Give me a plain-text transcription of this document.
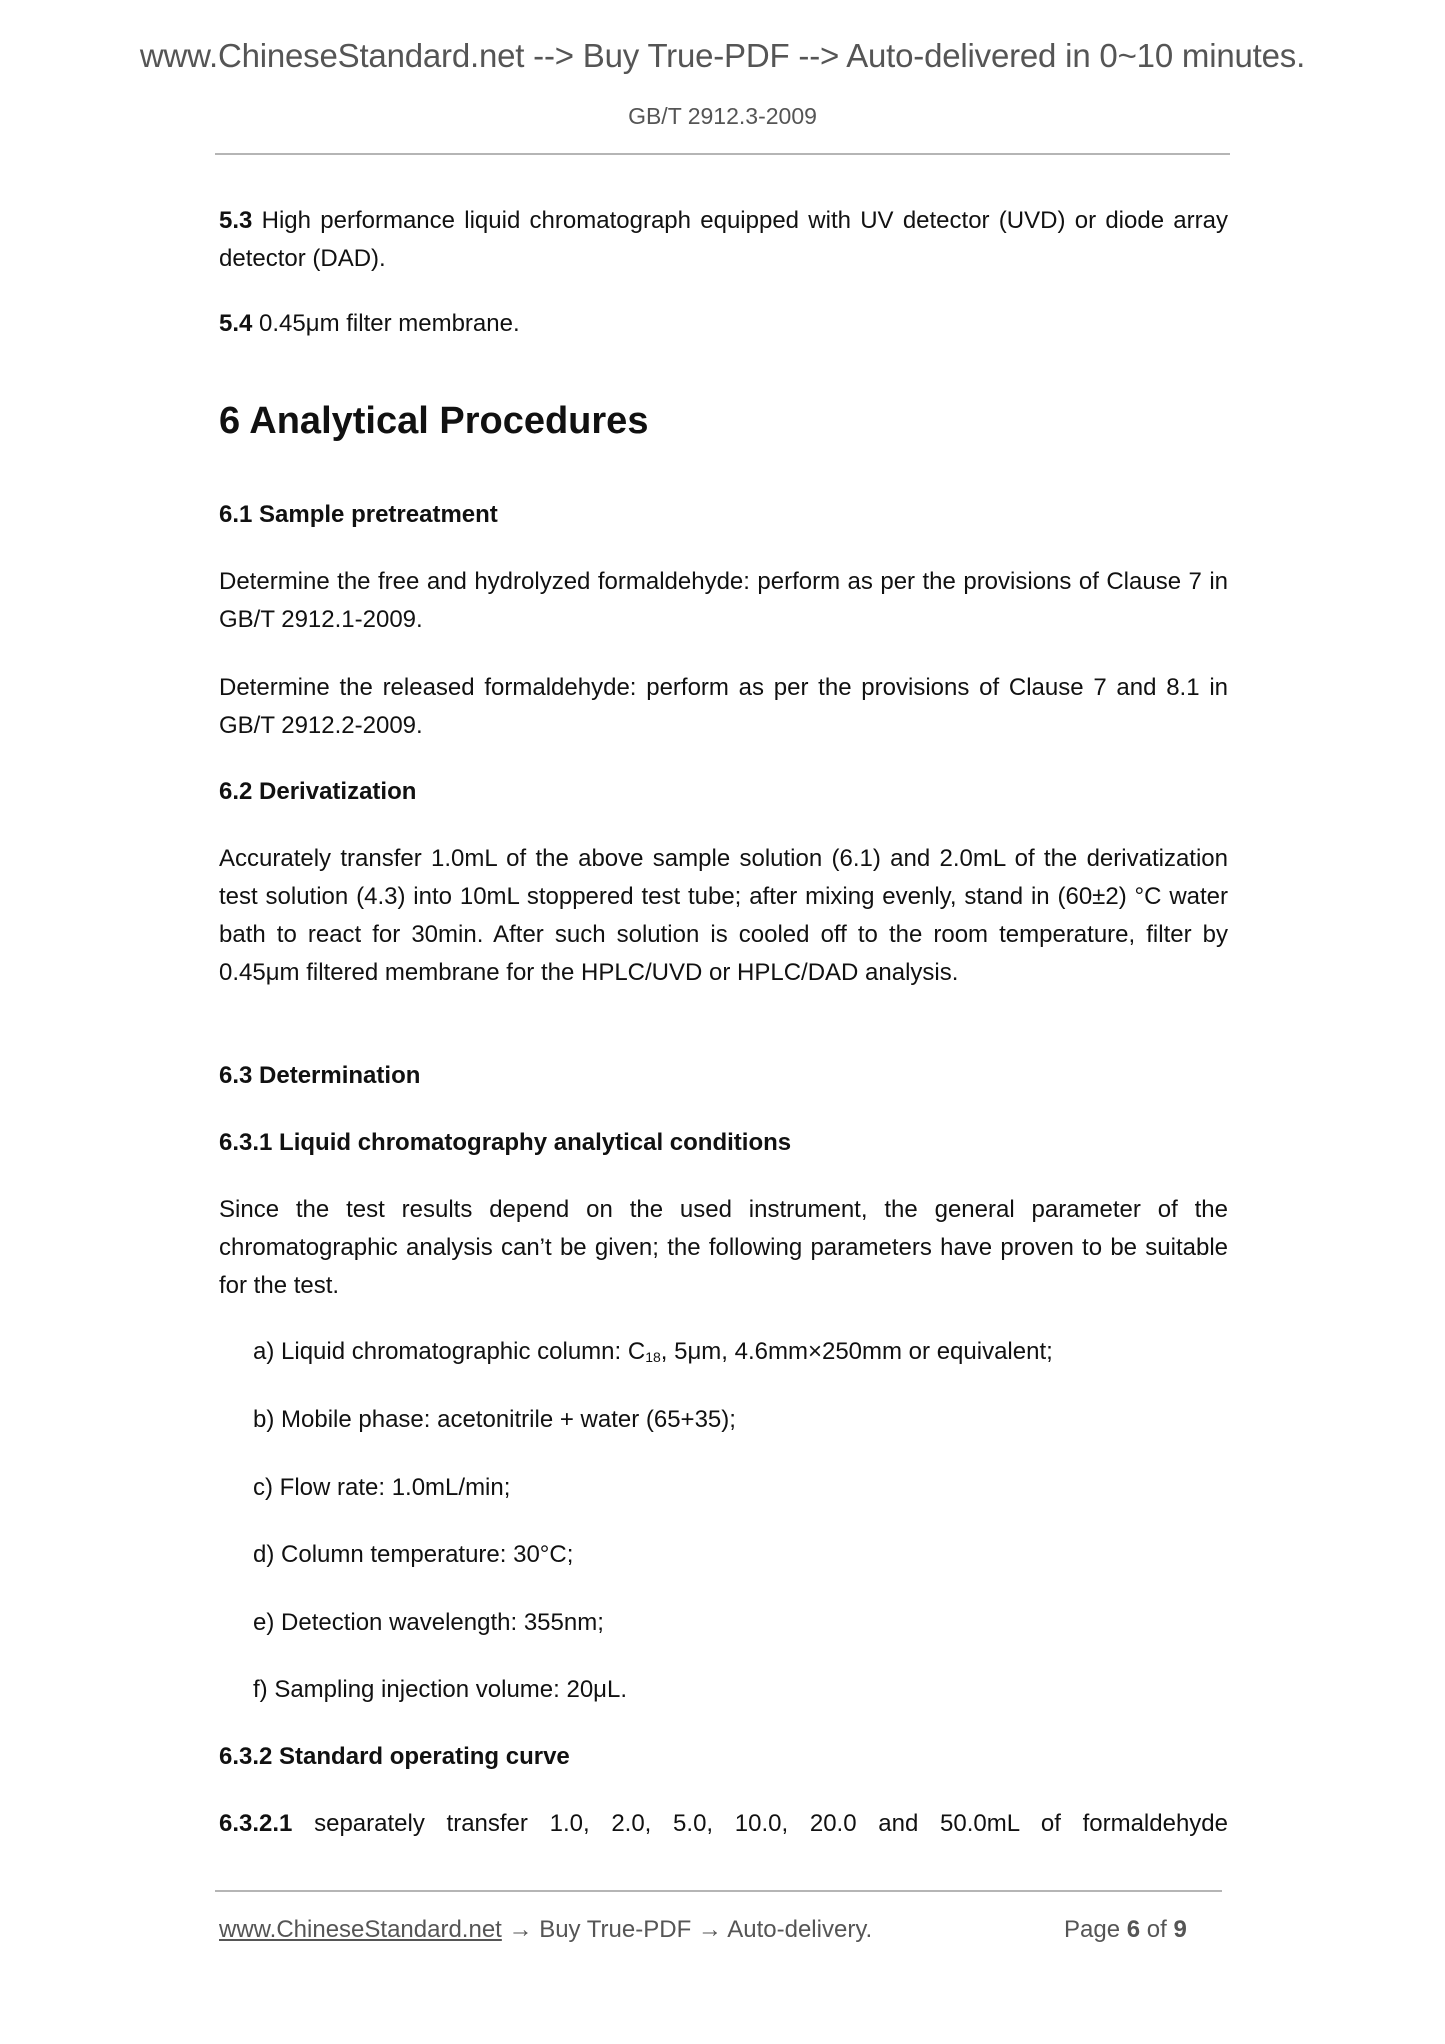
www.ChineseStandard.net --> Buy True-PDF --> Auto-delivered in 0~10 minutes.
GB/T 2912.3-2009

5.3 High performance liquid chromatograph equipped with UV detector (UVD) or diode array detector (DAD).

5.4 0.45μm filter membrane.

6 Analytical Procedures
6.1 Sample pretreatment

Determine the free and hydrolyzed formaldehyde: perform as per the provisions of Clause 7 in GB/T 2912.1-2009.

Determine the released formaldehyde: perform as per the provisions of Clause 7 and 8.1 in GB/T 2912.2-2009.

6.2 Derivatization

Accurately transfer 1.0mL of the above sample solution (6.1) and 2.0mL of the derivatization test solution (4.3) into 10mL stoppered test tube; after mixing evenly, stand in (60±2) °C water bath to react for 30min. After such solution is cooled off to the room temperature, filter by 0.45μm filtered membrane for the HPLC/UVD or HPLC/DAD analysis.

6.3 Determination
6.3.1 Liquid chromatography analytical conditions

Since the test results depend on the used instrument, the general parameter of the chromatographic analysis can’t be given; the following parameters have proven to be suitable for the test.

a) Liquid chromatographic column: $C_{18}$, 5μm, 4.6mm×250mm or equivalent;
b) Mobile phase: acetonitrile + water (65+35);
c) Flow rate: 1.0mL/min;
d) Column temperature: 30°C;
e) Detection wavelength: 355nm;
f) Sampling injection volume: 20μL.
6.3.2 Standard operating curve

6.3.2.1 separately transfer 1.0, 2.0, 5.0, 10.0, 20.0 and 50.0mL of formaldehyde

www.ChineseStandard.net → Buy True-PDF → Auto-delivery.	Page 6 of 9
